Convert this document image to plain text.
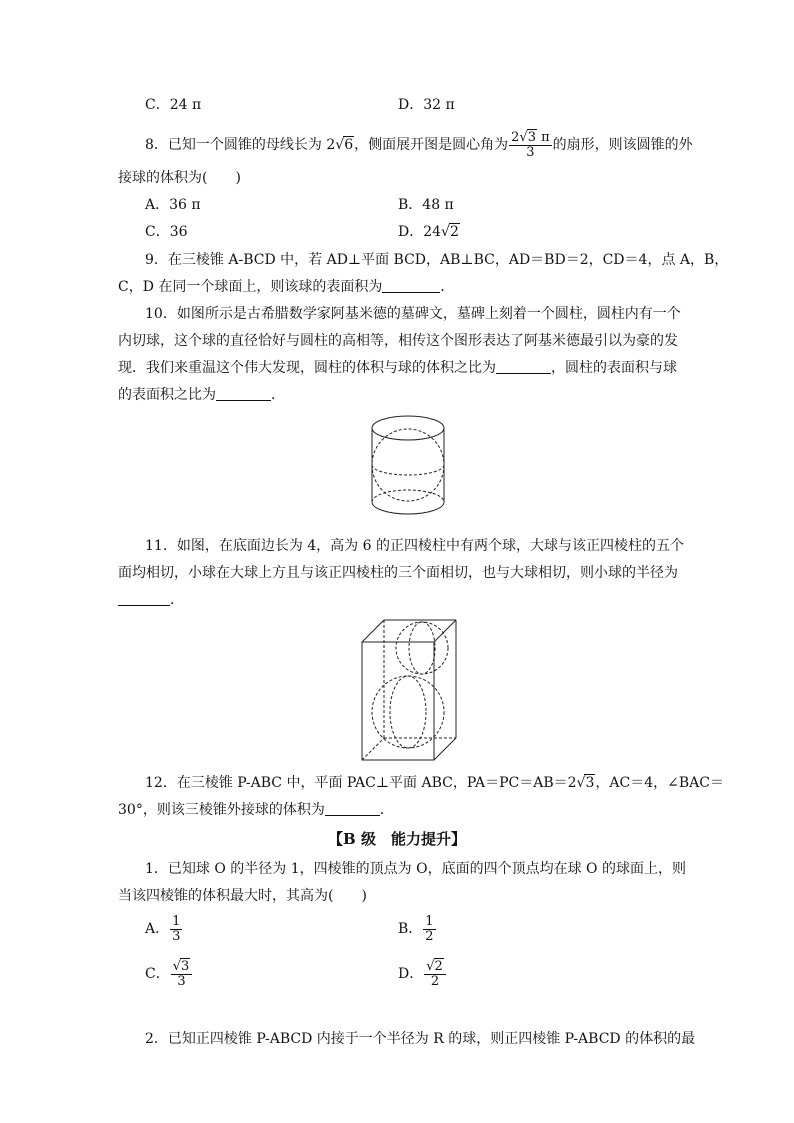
C．24 π	D．32 π
8．已知一个圆锥的母线长为 2√6，侧面展开图是圆心角为 $\frac{2√3 \pi}{3}$ 的扇形，则该圆锥的外
接球的体积为(　　)
A．36 π	B．48 π
C．36	D．24√2
9．在三棱锥 A-BCD 中，若 AD⊥平面 BCD，AB⊥BC，AD＝BD＝2，CD＝4，点 A，B，
C，D 在同一个球面上，则该球的表面积为	．
10．如图所示是古希腊数学家阿基米德的墓碑文，墓碑上刻着一个圆柱，圆柱内有一个
内切球，这个球的直径恰好与圆柱的高相等，相传这个图形表达了阿基米德最引以为豪的发
现．我们来重温这个伟大发现，圆柱的体积与球的体积之比为	，圆柱的表面积与球
的表面积之比为	．
11．如图，在底面边长为 4，高为 6 的正四棱柱中有两个球，大球与该正四棱柱的五个
面均相切，小球在大球上方且与该正四棱柱的三个面相切，也与大球相切，则小球的半径为
．
12．在三棱锥 P-ABC 中，平面 PAC⊥平面 ABC，PA＝PC＝AB＝2√3，AC＝4，∠BAC＝
30°，则该三棱锥外接球的体积为	．
【B 级　能力提升】
1．已知球 O 的半径为 1，四棱锥的顶点为 O，底面的四个顶点均在球 O 的球面上，则
当该四棱锥的体积最大时，其高为(　　)
A． $\frac{1}{3}$	B． $\frac{1}{2}$
C． $\frac{√3}{3}$	D． $\frac{√2}{2}$
2．已知正四棱锥 P-ABCD 内接于一个半径为 R 的球，则正四棱锥 P-ABCD 的体积的最
